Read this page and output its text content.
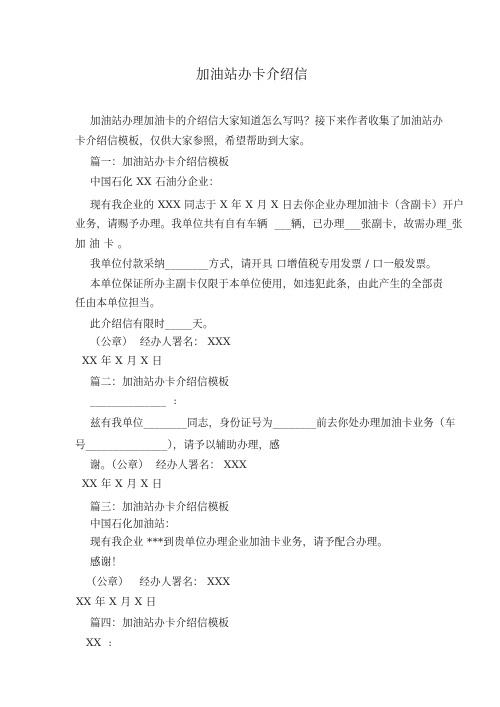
加油站办卡介绍信
加油站办理加油卡的介绍信大家知道怎么写吗？接下来作者收集了加油站办
卡介绍信模板，仅供大家参照，希望帮助到大家。
篇一：加油站办卡介绍信模板
中国石化 XX 石油分企业：
现有我企业的 XXX 同志于 X 年 X 月 X 日去你企业办理加油卡（含副卡）开户
业务，请赐予办理。我单位共有自有车辆  ___辆，已办理___张副卡，故需办理_张
加 油 卡 。
我单位付款采纳________方式，请开具 口增值税专用发票 / 口一般发票。
本单位保证所办主副卡仅限于本单位使用，如违犯此条，由此产生的全部责
任由本单位担当。
此介绍信有限时_____天。
（公章）  经办人署名： XXX
XX 年 X 月 X 日
篇二：加油站办卡介绍信模板
______________  :
兹有我单位________同志，身份证号为________前去你处办理加油卡业务（车
号_______________），请予以辅助办理，感
谢。（公章）  经办人署名： XXX
XX 年 X 月 X 日
篇三：加油站办卡介绍信模板
中国石化加油站：
现有我企业 ***到贵单位办理企业加油卡业务，请予配合办理。
感谢！
（公章）   经办人署名： XXX
XX 年 X 月 X 日
篇四：加油站办卡介绍信模板
XX  :
